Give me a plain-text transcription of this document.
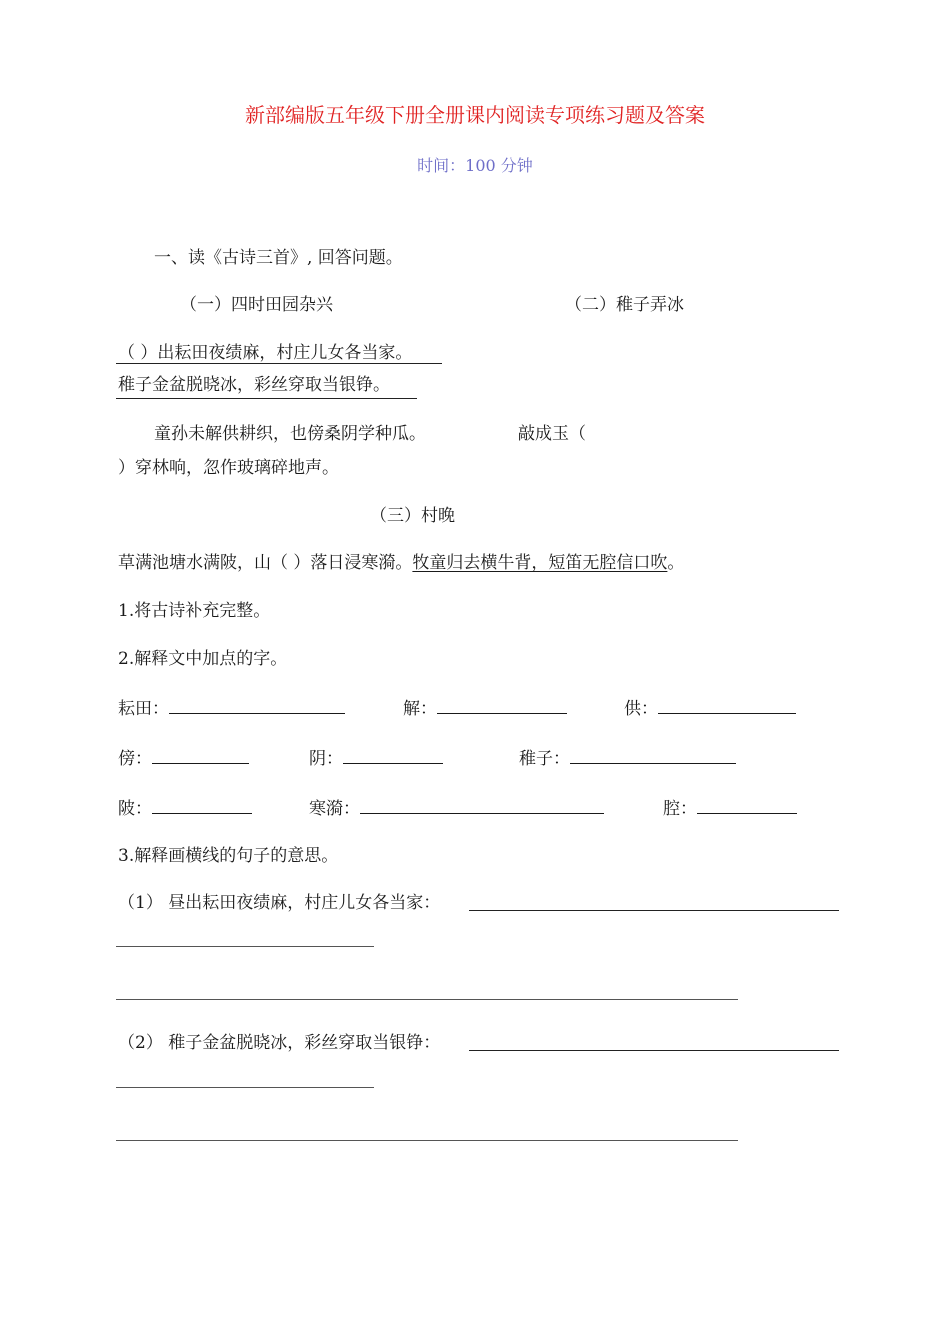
新部编版五年级下册全册课内阅读专项练习题及答案
时间：100 分钟
一、读《古诗三首》, 回答问题。
（一）四时田园杂兴	（二）稚子弄冰
（ ）出耘田夜绩麻，村庄儿女各当家。
稚子金盆脱晓冰，彩丝穿取当银铮。
童孙未解供耕织，也傍桑阴学种瓜。	敲成玉（
）穿林响，忽作玻璃碎地声。
（三）村晚
草满池塘水满陂，山（ ）落日浸寒漪。牧童归去横牛背，短笛无腔信口吹。
1.将古诗补充完整。
2.解释文中加点的字。
耘田：	解：	供：
傍：	阴：	稚子：
陂：	寒漪：	腔：
3.解释画横线的句子的意思。
（1） 昼出耘田夜绩麻，村庄儿女各当家：
（2） 稚子金盆脱晓冰，彩丝穿取当银铮：
